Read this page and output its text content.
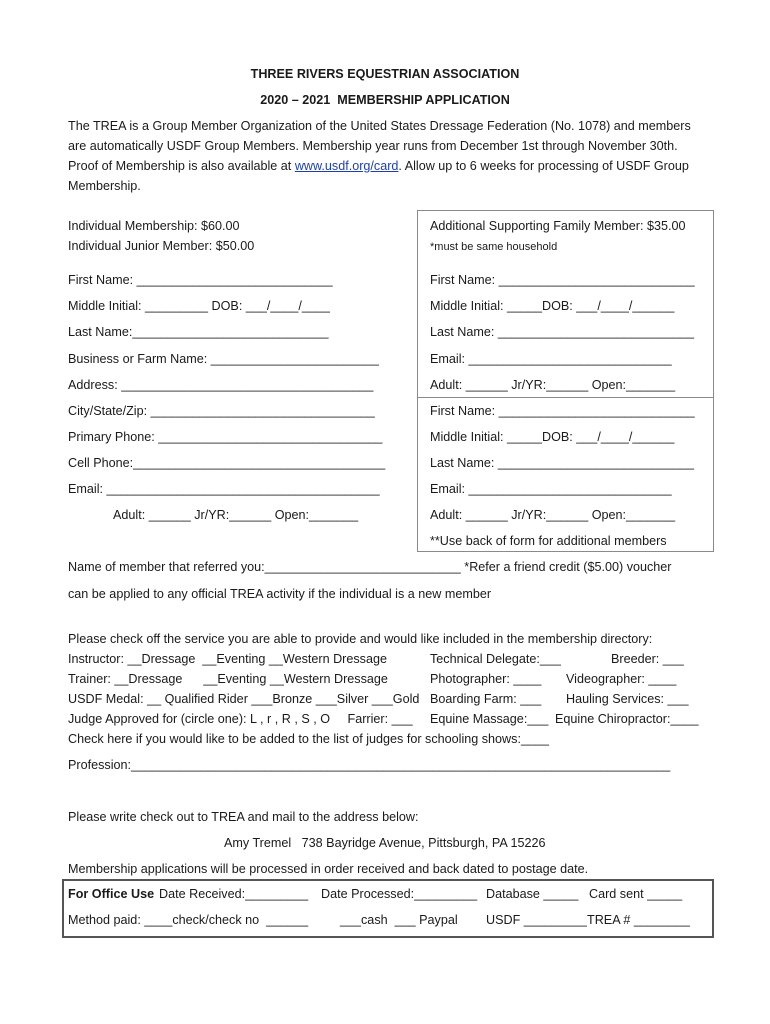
THREE RIVERS EQUESTRIAN ASSOCIATION
2020 – 2021  MEMBERSHIP APPLICATION
The TREA is a Group Member Organization of the United States Dressage Federation (No. 1078) and members
are automatically USDF Group Members. Membership year runs from December 1st through November 30th.
Proof of Membership is also available at www.usdf.org/card. Allow up to 6 weeks for processing of USDF Group
Membership.
Individual Membership: $60.00
Individual Junior Member: $50.00
First Name: ____________________________
Middle Initial: _________ DOB: ___/____/____
Last Name:____________________________
Business or Farm Name: ________________________
Address: ____________________________________
City/State/Zip: ________________________________
Primary Phone: ________________________________
Cell Phone:____________________________________
Email: _______________________________________
Adult: ______ Jr/YR:______ Open:_______
Additional Supporting Family Member: $35.00
*must be same household
First Name: ____________________________
Middle Initial: _____DOB: ___/____/______
Last Name: ____________________________
Email: _____________________________
Adult: ______ Jr/YR:______ Open:_______
First Name: ____________________________
Middle Initial: _____DOB: ___/____/______
Last Name: ____________________________
Email: _____________________________
Adult: ______ Jr/YR:______ Open:_______
**Use back of form for additional members
Name of member that referred you:____________________________ *Refer a friend credit ($5.00) voucher
can be applied to any official TREA activity if the individual is a new member
Please check off the service you are able to provide and would like included in the membership directory:
Instructor: __Dressage  __Eventing __Western Dressage	Technical Delegate:___	Breeder: ___
Trainer: __Dressage      __Eventing __Western Dressage	Photographer: ____ Videographer: ____
USDF Medal: __ Qualified Rider ___Bronze ___Silver ___Gold Boarding Farm: ___ Hauling Services: ___
Judge Approved for (circle one): L , r , R , S , O     Farrier: ___ Equine Massage:___ Equine Chiropractor:____
Check here if you would like to be added to the list of judges for schooling shows:____
Profession:_____________________________________________________________________________
Please write check out to TREA and mail to the address below:
Amy Tremel   738 Bayridge Avenue, Pittsburgh, PA 15226
Membership applications will be processed in order received and back dated to postage date.
For Office Use Date Received:_________ Date Processed:_________ Database _____ Card sent _____
Method paid: ____check/check no  ______	___cash  ___ Paypal USDF _________ TREA # ________
